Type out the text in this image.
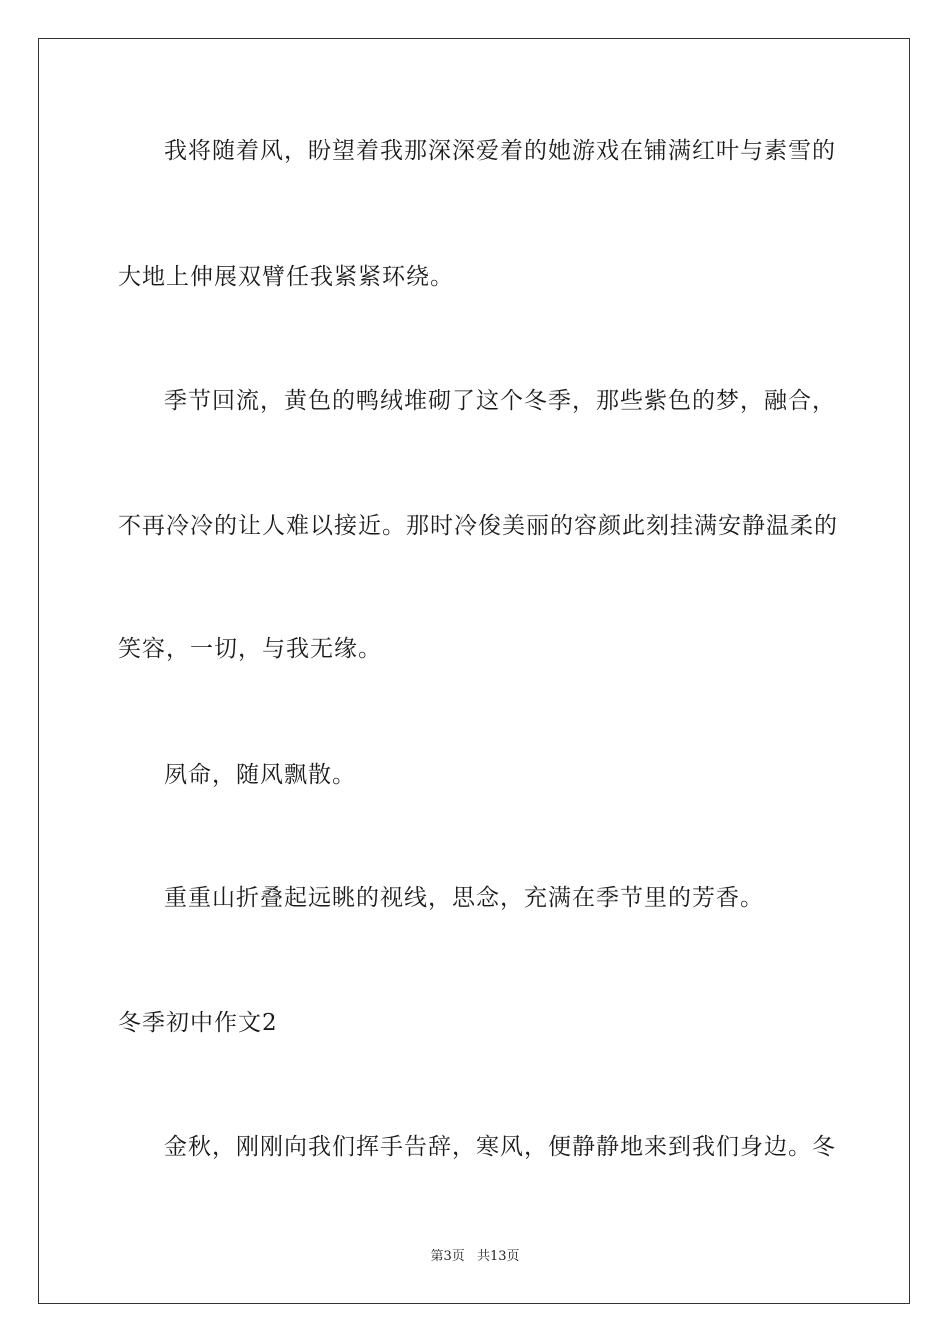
我将随着风，盼望着我那深深爱着的她游戏在铺满红叶与素雪的
大地上伸展双臂任我紧紧环绕。
季节回流，黄色的鸭绒堆砌了这个冬季，那些紫色的梦，融合，
不再冷冷的让人难以接近。那时冷俊美丽的容颜此刻挂满安静温柔的
笑容，一切，与我无缘。
夙命，随风飘散。
重重山折叠起远眺的视线，思念，充满在季节里的芳香。
冬季初中作文2
金秋，刚刚向我们挥手告辞，寒风，便静静地来到我们身边。冬
第3页 共13页
